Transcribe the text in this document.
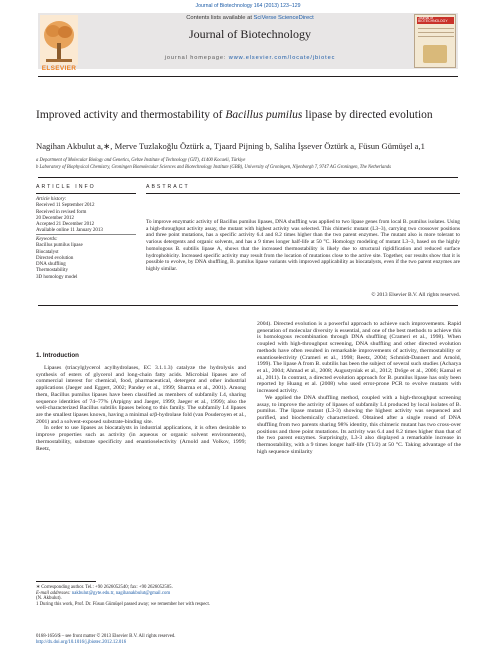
Journal of Biotechnology 164 (2013) 123–129
Contents lists available at SciVerse ScienceDirect
Journal of Biotechnology
journal homepage: www.elsevier.com/locate/jbiotec
ELSEVIER
Journal of BIOTECHNOLOGY
Improved activity and thermostability of Bacillus pumilus lipase by directed evolution
Nagihan Akbulut a,∗, Merve Tuzlakoğlu Öztürk a, Tjaard Pijning b, Saliha İşsever Öztürk a, Füsun Gümüşel a,1
a Department of Molecular Biology and Genetics, Gebze Institute of Technology (GIT), 41400 Kocaeli, Türkiye
b Laboratory of Biophysical Chemistry, Groningen Biomolecular Sciences and Biotechnology Institute (GBB), University of Groningen, Nijenborgh 7, 9747 AG Groningen, The Netherlands
ARTICLE INFO
Article history:
Received 11 September 2012
Received in revised form
20 December 2012
Accepted 21 December 2012
Available online 11 January 2013
Keywords:
Bacillus pumilus lipase
Biocatalyst
Directed evolution
DNA shuffling
Thermostability
3D homology model
ABSTRACT
To improve enzymatic activity of Bacillus pumilus lipases, DNA shuffling was applied to two lipase genes from local B. pumilus isolates. Using a high-throughput activity assay, the mutant with highest activity was selected. This chimeric mutant (L3–3), carrying two crossover positions and three point mutations, has a specific activity 6.4 and 8.2 times higher than the two parent enzymes. The mutant also is more tolerant to various detergents and organic solvents, and has a 9 times longer half-life at 50 °C. Homology modeling of mutant L3–3, based on the highly homologous B. subtilis lipase A, shows that the increased thermostability is likely due to structural rigidification and reduced surface hydrophobicity. Increased specific activity may result from the location of mutations close to the active site. Together, our results show that it is possible to evolve, by DNA shuffling, B. pumilus lipase variants with improved applicability as biocatalysts, even if the two parent enzymes are highly similar.
© 2013 Elsevier B.V. All rights reserved.
1. Introduction

Lipases (triacylglycerol acylhydrolases, EC 3.1.1.3) catalyze the hydrolysis and synthesis of esters of glycerol and long-chain fatty acids. Microbial lipases are of commercial interest for chemical, food, pharmaceutical, detergent and other industrial applications (Jaeger and Eggert, 2002; Pandey et al., 1999; Sharma et al., 2001). Among them, Bacillus pumilus lipases have been classified as members of subfamily I.4, sharing sequence identities of 74–77% (Arpigny and Jaeger, 1999; Jaeger et al., 1999); also the well-characterized Bacillus subtilis lipases belong to this family. The subfamily I.4 lipases are the smallest lipases known, having a minimal α/β-hydrolase fold (van Pouderoyen et al., 2001) and a solvent-exposed substrate-binding site.

In order to use lipases as biocatalysts in industrial applications, it is often desirable to improve properties such as activity (in aqueous or organic solvent environments), thermostability, substrate specificity and enantioselectivity (Arnold and Volkov, 1999; Reetz,

2004). Directed evolution is a powerful approach to achieve such improvements. Rapid generation of molecular diversity is essential, and one of the best methods to achieve this is homologous recombination through DNA shuffling (Crameri et al., 1998). When coupled with high-throughput screening, DNA shuffling and other directed evolution methods have often resulted in remarkable improvements of activity, thermostability or enantioselectivity (Crameri et al., 1998; Reetz, 2004; Schmidt-Dannert and Arnold, 1999). The lipase A from B. subtilis has been the subject of several such studies (Acharya et al., 2004; Ahmad et al., 2008; Augustyniak et al., 2012; Dröge et al., 2006; Kamal et al., 2011). In contrast, a directed evolution approach for B. pumilus lipase has only been reported by Huang et al. (2008) who used error-prone PCR to evolve mutants with increased activity.

We applied the DNA shuffling method, coupled with a high-throughput screening assay, to improve the activity of lipases of subfamily I.4 produced by local isolates of B. pumilus. The lipase mutant (L3-3) showing the highest activity was sequenced and purified, and biochemically characterized. Obtained after a single round of DNA shuffling from two parents sharing 98% identity, this chimeric mutant has two cross-over positions and three point mutations. Its activity was 6.4 and 8.2 times higher than that of the two parent enzymes. Surprisingly, L3-3 also displayed a remarkable increase in thermostability, with a 9 times longer half-life (T1/2) at 50 °C. Taking advantage of the high sequence similarity

∗ Corresponding author. Tel.: +90 2626052540; fax: +90 2626052505.
E-mail addresses: nakbulut@gyte.edu.tr, nagihanakbulut@gmail.com
(N. Akbulut).
1 During this work, Prof. Dr. Füsun Gümüşel passed away; we remember her with respect.
0168-1656/$ – see front matter © 2013 Elsevier B.V. All rights reserved.
http://dx.doi.org/10.1016/j.jbiotec.2012.12.016
